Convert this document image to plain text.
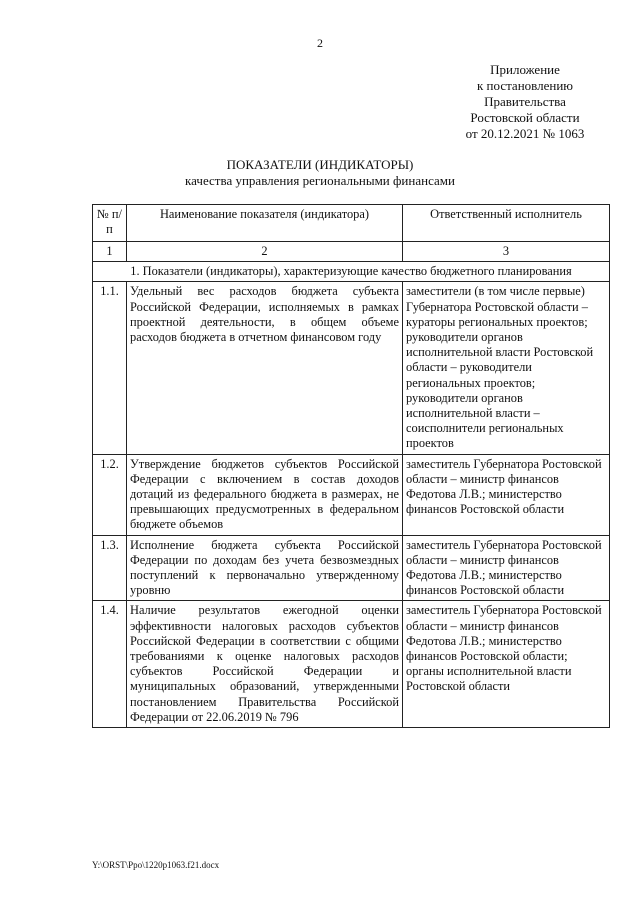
2
Приложение
к постановлению
Правительства
Ростовской области
от 20.12.2021 № 1063
ПОКАЗАТЕЛИ (ИНДИКАТОРЫ)
качества управления региональными финансами
№ п/п	Наименование показателя (индикатора)	Ответственный исполнитель
1	2	3
1. Показатели (индикаторы), характеризующие качество бюджетного планирования		
1.1.	Удельный вес расходов бюджета субъекта Российской Федерации, исполняемых в рамках проектной деятельности, в общем объеме расходов бюджета в отчетном финансовом году	заместители (в том числе первые) Губернатора Ростовской области – кураторы региональных проектов; руководители органов исполнительной власти Ростовской области – руководители региональных проектов; руководители органов исполнительной власти – соисполнители региональных проектов
1.2.	Утверждение бюджетов субъектов Российской Федерации с включением в состав доходов дотаций из федерального бюджета в размерах, не превышающих предусмотренных в федеральном бюджете объемов	заместитель Губернатора Ростовской области – министр финансов Федотова Л.В.; министерство финансов Ростовской области
1.3.	Исполнение бюджета субъекта Российской Федерации по доходам без учета безвозмездных поступлений к первоначально утвержденному уровню	заместитель Губернатора Ростовской области – министр финансов Федотова Л.В.; министерство финансов Ростовской области
1.4.	Наличие результатов ежегодной оценки эффективности налоговых расходов субъектов Российской Федерации в соответствии с общими требованиями к оценке налоговых расходов субъектов Российской Федерации и муниципальных образований, утвержденными постановлением Правительства Российской Федерации от 22.06.2019 № 796	заместитель Губернатора Ростовской области – министр финансов Федотова Л.В.; министерство финансов Ростовской области; органы исполнительной власти Ростовской области
Y:\ORST\Ppo\1220p1063.f21.docx
